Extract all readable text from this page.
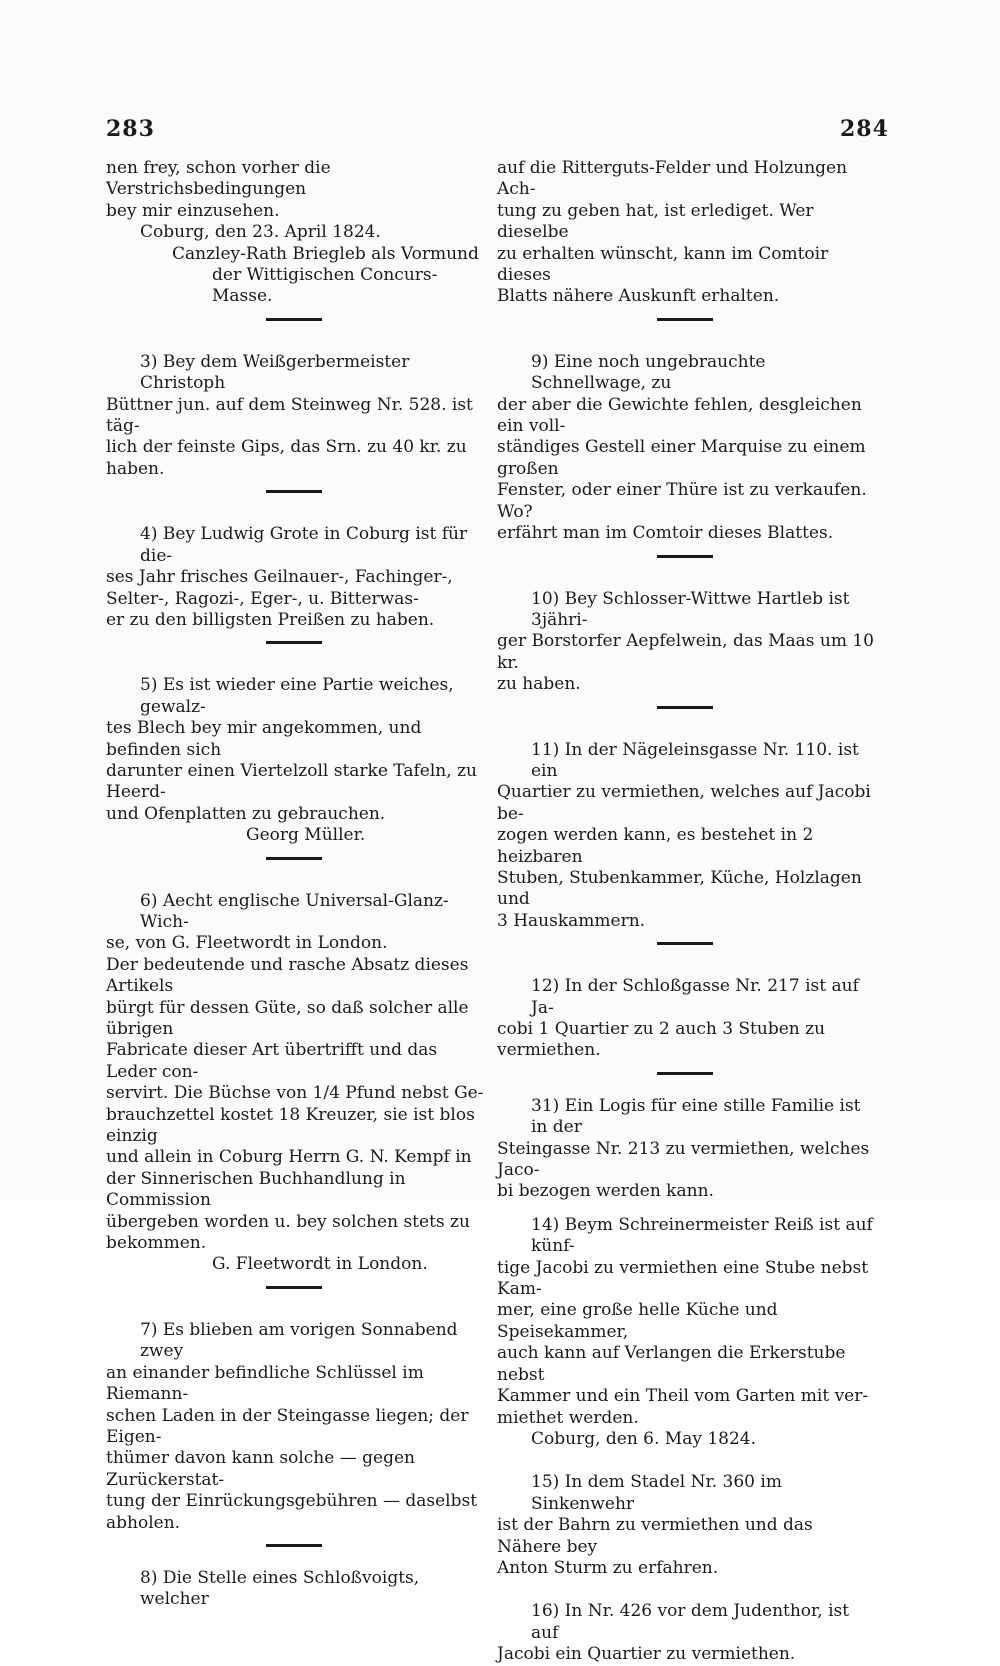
283	284

nen frey, schon vorher die Verstrichsbedingungen

bey mir einzusehen.

Coburg, den 23. April 1824.

Canzley-Rath Briegleb als Vormund

der Wittigischen Concurs-Masse.

3) Bey dem Weißgerbermeister Christoph

Büttner jun. auf dem Steinweg Nr. 528. ist täg-

lich der feinste Gips, das Srn. zu 40 kr. zu haben.

4) Bey Ludwig Grote in Coburg ist für die-

ses Jahr frisches Geilnauer-, Fachinger-,

Selter-, Ragozi-, Eger-, u. Bitterwas-

er zu den billigsten Preißen zu haben.

5) Es ist wieder eine Partie weiches, gewalz-

tes Blech bey mir angekommen, und befinden sich

darunter einen Viertelzoll starke Tafeln, zu Heerd-

und Ofenplatten zu gebrauchen.

Georg Müller.

6) Aecht englische Universal-Glanz-Wich-

se, von G. Fleetwordt in London.

Der bedeutende und rasche Absatz dieses Artikels

bürgt für dessen Güte, so daß solcher alle übrigen

Fabricate dieser Art übertrifft und das Leder con-

servirt. Die Büchse von 1/4 Pfund nebst Ge-

brauchzettel kostet 18 Kreuzer, sie ist blos einzig

und allein in Coburg Herrn G. N. Kempf in

der Sinnerischen Buchhandlung in Commission

übergeben worden u. bey solchen stets zu bekommen.

G. Fleetwordt in London.

7) Es blieben am vorigen Sonnabend zwey

an einander befindliche Schlüssel im Riemann-

schen Laden in der Steingasse liegen; der Eigen-

thümer davon kann solche — gegen Zurückerstat-

tung der Einrückungsgebühren — daselbst abholen.

8) Die Stelle eines Schloßvoigts, welcher

auf die Ritterguts-Felder und Holzungen Ach-

tung zu geben hat, ist erlediget. Wer dieselbe

zu erhalten wünscht, kann im Comtoir dieses

Blatts nähere Auskunft erhalten.

9) Eine noch ungebrauchte Schnellwage, zu

der aber die Gewichte fehlen, desgleichen ein voll-

ständiges Gestell einer Marquise zu einem großen

Fenster, oder einer Thüre ist zu verkaufen. Wo?

erfährt man im Comtoir dieses Blattes.

10) Bey Schlosser-Wittwe Hartleb ist 3jähri-

ger Borstorfer Aepfelwein, das Maas um 10 kr.

zu haben.

11) In der Nägeleinsgasse Nr. 110. ist ein

Quartier zu vermiethen, welches auf Jacobi be-

zogen werden kann, es bestehet in 2 heizbaren

Stuben, Stubenkammer, Küche, Holzlagen und

3 Hauskammern.

12) In der Schloßgasse Nr. 217 ist auf Ja-

cobi 1 Quartier zu 2 auch 3 Stuben zu vermiethen.

31) Ein Logis für eine stille Familie ist in der

Steingasse Nr. 213 zu vermiethen, welches Jaco-

bi bezogen werden kann.

14) Beym Schreinermeister Reiß ist auf künf-

tige Jacobi zu vermiethen eine Stube nebst Kam-

mer, eine große helle Küche und Speisekammer,

auch kann auf Verlangen die Erkerstube nebst

Kammer und ein Theil vom Garten mit ver-

miethet werden.

Coburg, den 6. May 1824.

15) In dem Stadel Nr. 360 im Sinkenwehr

ist der Bahrn zu vermiethen und das Nähere bey

Anton Sturm zu erfahren.

16) In Nr. 426 vor dem Judenthor, ist auf

Jacobi ein Quartier zu vermiethen.
